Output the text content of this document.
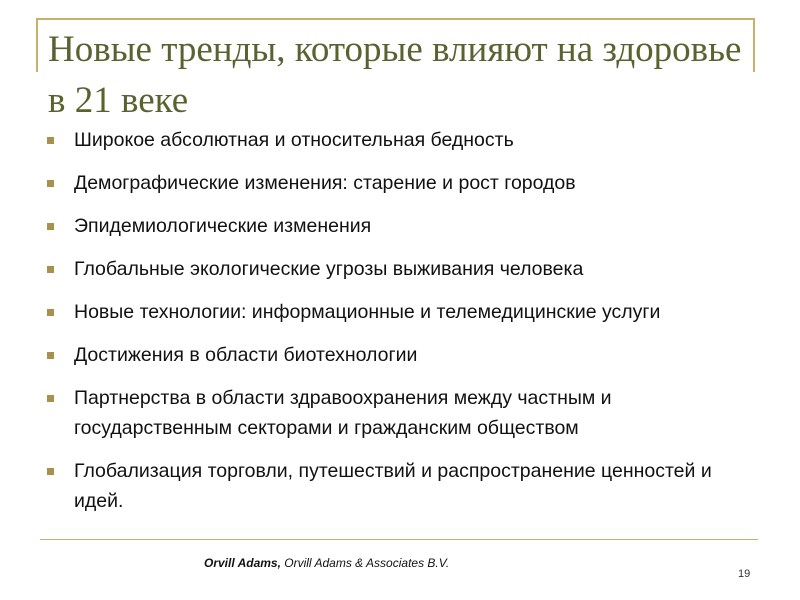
Новые тренды, которые влияют на здоровье в 21 веке
Широкое абсолютная и относительная бедность
Демографические изменения: старение и рост городов
Эпидемиологические изменения
Глобальные экологические угрозы выживания человека
Новые технологии: информационные и телемедицинские услуги
Достижения в области биотехнологии
Партнерства в области здравоохранения между частным и государственным секторами и гражданским обществом
Глобализация торговли, путешествий и распространение ценностей и идей.

Orvill Adams, Orvill Adams & Associates B.V.

19
